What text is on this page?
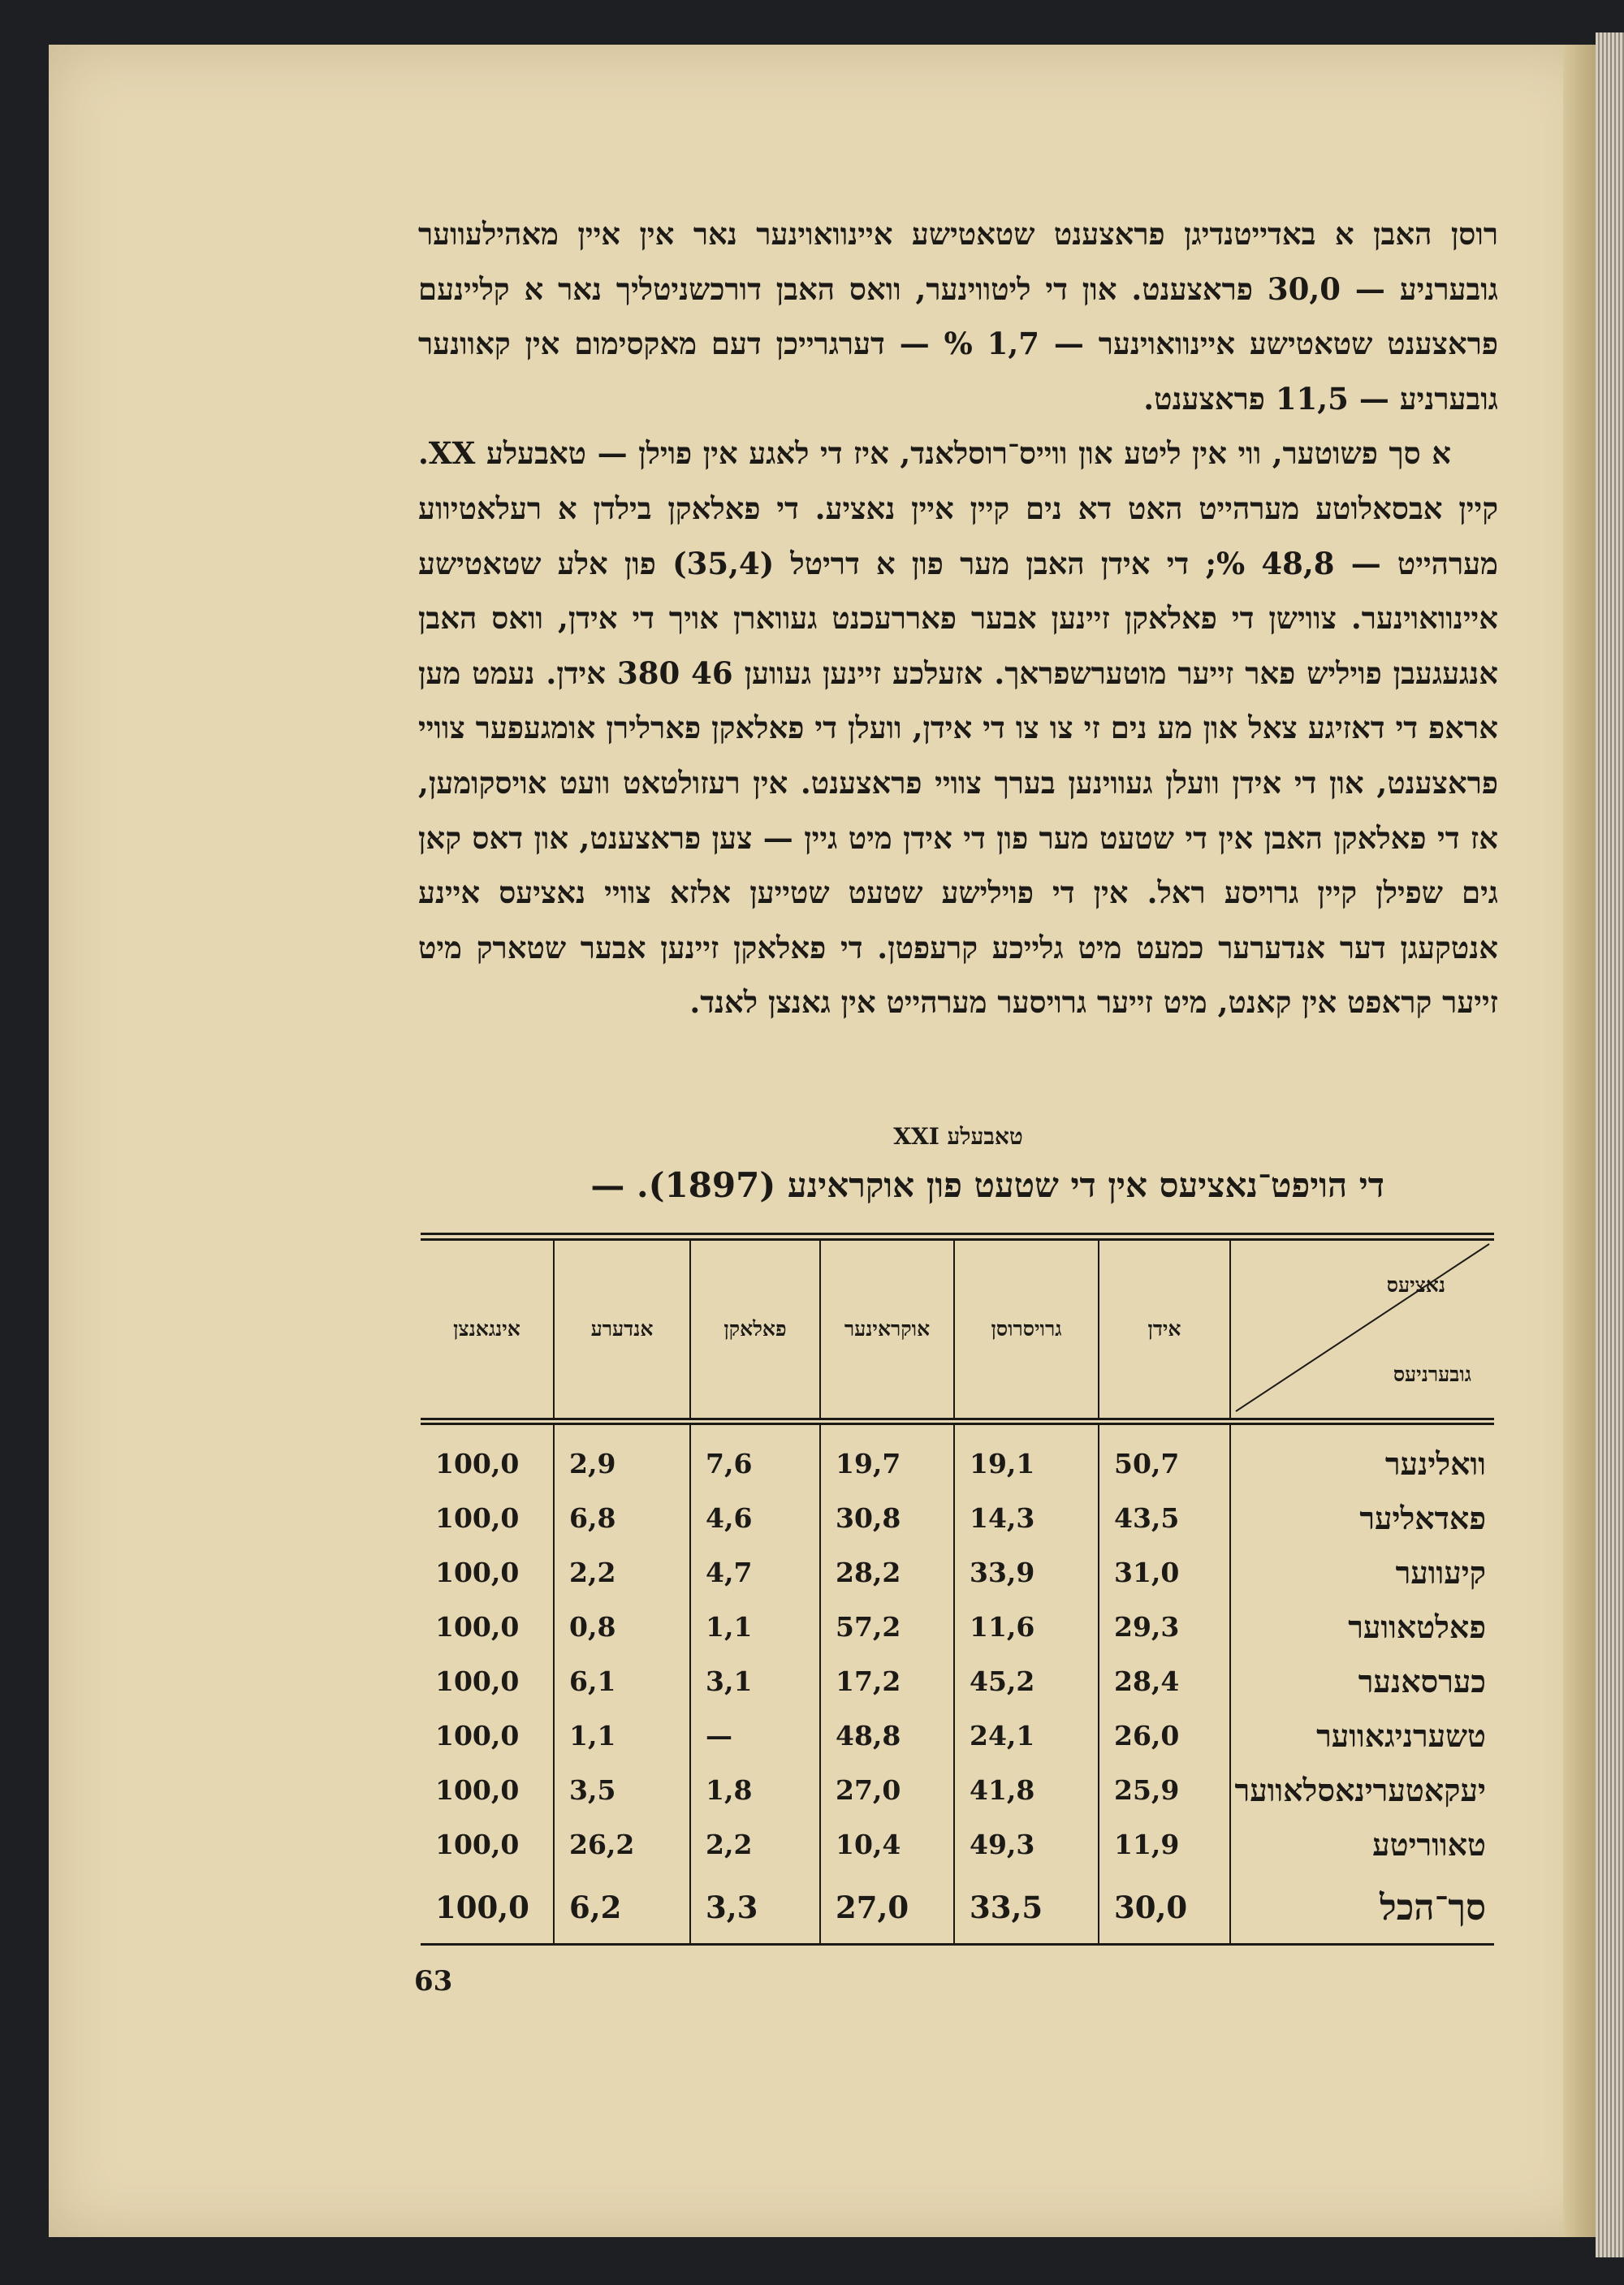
רוסן האבן א באדייטנדיגן פראצענט שטאטישע איינוואוינער נאר אין איין מאהילעווער גובערניע — 30,0 פראצענט. און די ליטווינער, וואס האבן דורכשניטליך נאר א קליינעם פראצענט שטאטישע איינוואוינער — 1,7 % — דערגרייכן דעם מאקסימום אין קאוונער גובערניע — 11,5 פראצענט.

א סך פשוטער, ווי אין ליטע און ווייס־רוסלאנד, איז די לאגע אין פוילן — טאבעלע XX. קיין אבסאלוטע מערהייט האט דא נים קיין איין נאציע. די פאלאקן בילדן א רעלאטיווע מערהייט — 48,8 %; די אידן האבן מער פון א דריטל (35,4) פון אלע שטאטישע איינוואוינער. צווישן די פאלאקן זיינען אבער פאררעכנט געווארן אויך די אידן, וואס האבן אנגעגעבן פויליש פאר זייער מוטערשפראך. אזעלכע זיינען געווען 46 380 אידן. נעמט מען אראפ די דאזיגע צאל און מע נים זי צו צו די אידן, וועלן די פאלאקן פארלירן אומגעפער צוויי פראצענט, און די אידן וועלן געווינען בערך צוויי פראצענט. אין רעזולטאט וועט אויסקומען, אז די פאלאקן האבן אין די שטעט מער פון די אידן מיט גיין — צען פראצענט, און דאס קאן גים שפילן קיין גרויסע ראל. אין די פוילישע שטעט שטייען אלזא צוויי נאציעס איינע אנטקעגן דער אנדערער כמעט מיט גלייכע קרעפטן. די פאלאקן זיינען אבער שטארק מיט זייער קראפט אין קאנט, מיט זייער גרויסער מערהייט אין גאנצן לאנד.

טאבעלע XXI
די הויפט־נאציעס אין די שטעט פון אוקראינע (1897). —
נאציעס
גובערניעס	אידן	גרויסרוסן	אוקראינער	פאלאקן	אנדערע	אינגאנצן
וואלינער	50,7	19,1	19,7	7,6	2,9	100,0
פאדאליער	43,5	14,3	30,8	4,6	6,8	100,0
קיעווער	31,0	33,9	28,2	4,7	2,2	100,0
פאלטאווער	29,3	11,6	57,2	1,1	0,8	100,0
כערסאנער	28,4	45,2	17,2	3,1	6,1	100,0
טשערניגאווער	26,0	24,1	48,8	—	1,1	100,0
יעקאטערינאסלאווער	25,9	41,8	27,0	1,8	3,5	100,0
טאווריטע	11,9	49,3	10,4	2,2	26,2	100,0
סך־הכל	30,0	33,5	27,0	3,3	6,2	100,0
63
